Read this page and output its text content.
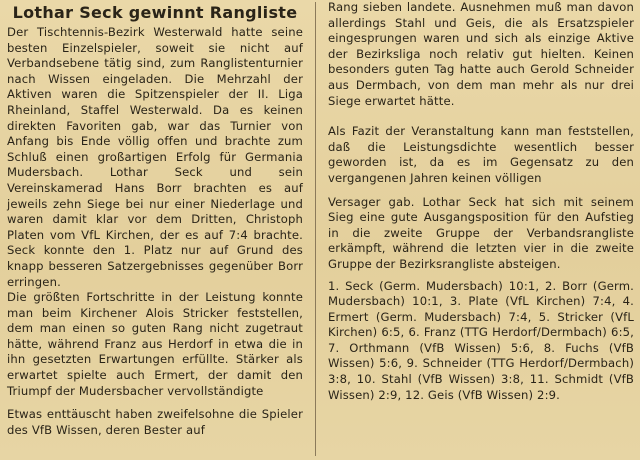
Lothar Seck gewinnt Rangliste

Der Tischtennis-Bezirk Westerwald hatte seine besten Einzelspieler, soweit sie nicht auf Verbandsebene tätig sind, zum Ranglistenturnier nach Wissen eingeladen. Die Mehrzahl der Aktiven waren die Spitzenspieler der II. Liga Rheinland, Staffel Westerwald. Da es keinen direkten Favoriten gab, war das Turnier von Anfang bis Ende völlig offen und brachte zum Schluß einen großartigen Erfolg für Germania Mudersbach. Lothar Seck und sein Vereinskamerad Hans Borr brachten es auf jeweils zehn Siege bei nur einer Niederlage und waren damit klar vor dem Dritten, Christoph Platen vom VfL Kirchen, der es auf 7:4 brachte. Seck konnte den 1. Platz nur auf Grund des knapp besseren Satzergebnisses gegenüber Borr erringen.

Die größten Fortschritte in der Leistung konnte man beim Kirchener Alois Stricker feststellen, dem man einen so guten Rang nicht zugetraut hätte, während Franz aus Herdorf in etwa die in ihn gesetzten Erwartungen erfüllte. Stärker als erwartet spielte auch Ermert, der damit den Triumpf der Mudersbacher vervollständigte

Etwas enttäuscht haben zweifelsohne die Spieler des VfB Wissen, deren Bester auf

Rang sieben landete. Ausnehmen muß man davon allerdings Stahl und Geis, die als Ersatzspieler eingesprungen waren und sich als einzige Aktive der Bezirksliga noch relativ gut hielten. Keinen besonders guten Tag hatte auch Gerold Schneider aus Dermbach, von dem man mehr als nur drei Siege erwartet hätte.

Als Fazit der Veranstaltung kann man feststellen, daß die Leistungsdichte wesentlich besser geworden ist, da es im Gegensatz zu den vergangenen Jahren keinen völligen

Versager gab. Lothar Seck hat sich mit seinem Sieg eine gute Ausgangsposition für den Aufstieg in die zweite Gruppe der Verbandsrangliste erkämpft, während die letzten vier in die zweite Gruppe der Bezirksrangliste absteigen.

1. Seck (Germ. Mudersbach) 10:1, 2. Borr (Germ. Mudersbach) 10:1, 3. Plate (VfL Kirchen) 7:4, 4. Ermert (Germ. Mudersbach) 7:4, 5. Stricker (VfL Kirchen) 6:5, 6. Franz (TTG Herdorf/Dermbach) 6:5, 7. Orthmann (VfB Wissen) 5:6, 8. Fuchs (VfB Wissen) 5:6, 9. Schneider (TTG Herdorf/Dermbach) 3:8, 10. Stahl (VfB Wissen) 3:8, 11. Schmidt (VfB Wissen) 2:9, 12. Geis (VfB Wissen) 2:9.
